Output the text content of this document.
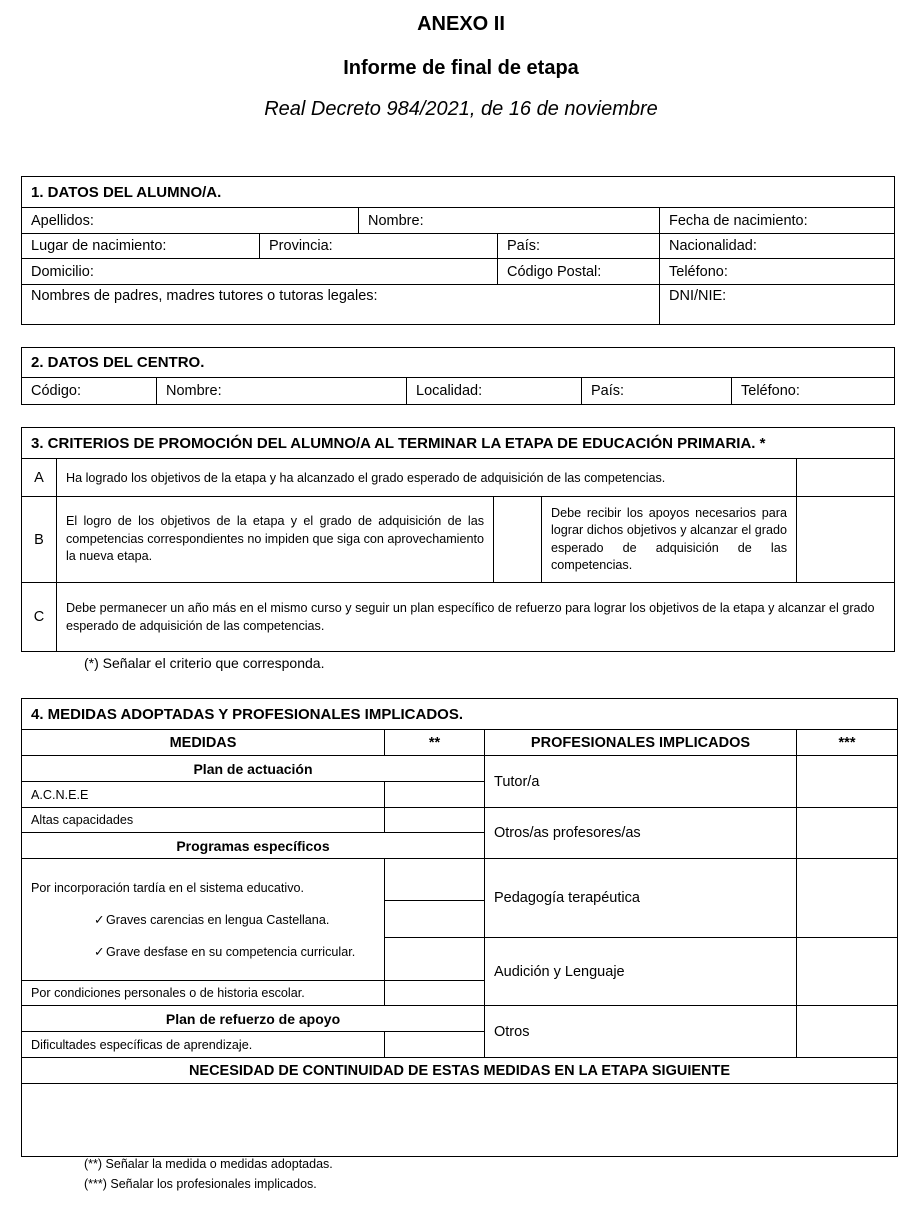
ANEXO II
Informe de final de etapa
Real Decreto 984/2021, de 16 de noviembre
1. DATOS DEL ALUMNO/A.				
Apellidos:		Nombre:		Fecha de nacimiento:
Lugar de nacimiento:	Provincia:		País:	Nacionalidad:
Domicilio:			Código Postal:	Teléfono:
Nombres de padres, madres tutores o tutoras legales:				DNI/NIE:
2. DATOS DEL CENTRO.
Código:	Nombre:	Localidad:	País:	Teléfono:
3. CRITERIOS DE PROMOCIÓN DEL ALUMNO/A AL TERMINAR LA ETAPA DE EDUCACIÓN PRIMARIA. *				
A	Ha logrado los objetivos de la etapa y ha alcanzado el grado esperado de adquisición de las competencias.			
B	El logro de los objetivos de la etapa y el grado de adquisición de las competencias correspondientes no impiden que siga con aprovechamiento la nueva etapa.		Debe recibir los apoyos necesarios para lograr dichos objetivos y alcanzar el grado esperado de adquisición de las competencias.	
C	Debe permanecer un año más en el mismo curso y seguir un plan específico de refuerzo para lograr los objetivos de la etapa y alcanzar el grado esperado de adquisición de las competencias.			
(*) Señalar el criterio que corresponda.
4. MEDIDAS ADOPTADAS Y PROFESIONALES IMPLICADOS.			
MEDIDAS	**	PROFESIONALES IMPLICADOS	***
Plan de actuación		Tutor/a	
A.C.N.E.E			
Altas capacidades		Otros/as profesores/as	
Programas específicos			
Por incorporación tardía en el sistema educativo.		Pedagogía terapéutica	
✓Graves carencias en lengua Castellana.			
✓Grave desfase en su competencia curricular.		Audición y Lenguaje	
Por condiciones personales o de historia escolar.			
Plan de refuerzo de apoyo		Otros	
Dificultades específicas de aprendizaje.			
NECESIDAD DE CONTINUIDAD DE ESTAS MEDIDAS EN LA ETAPA SIGUIENTE			

(**) Señalar la medida o medidas adoptadas.
(***) Señalar los profesionales implicados.
